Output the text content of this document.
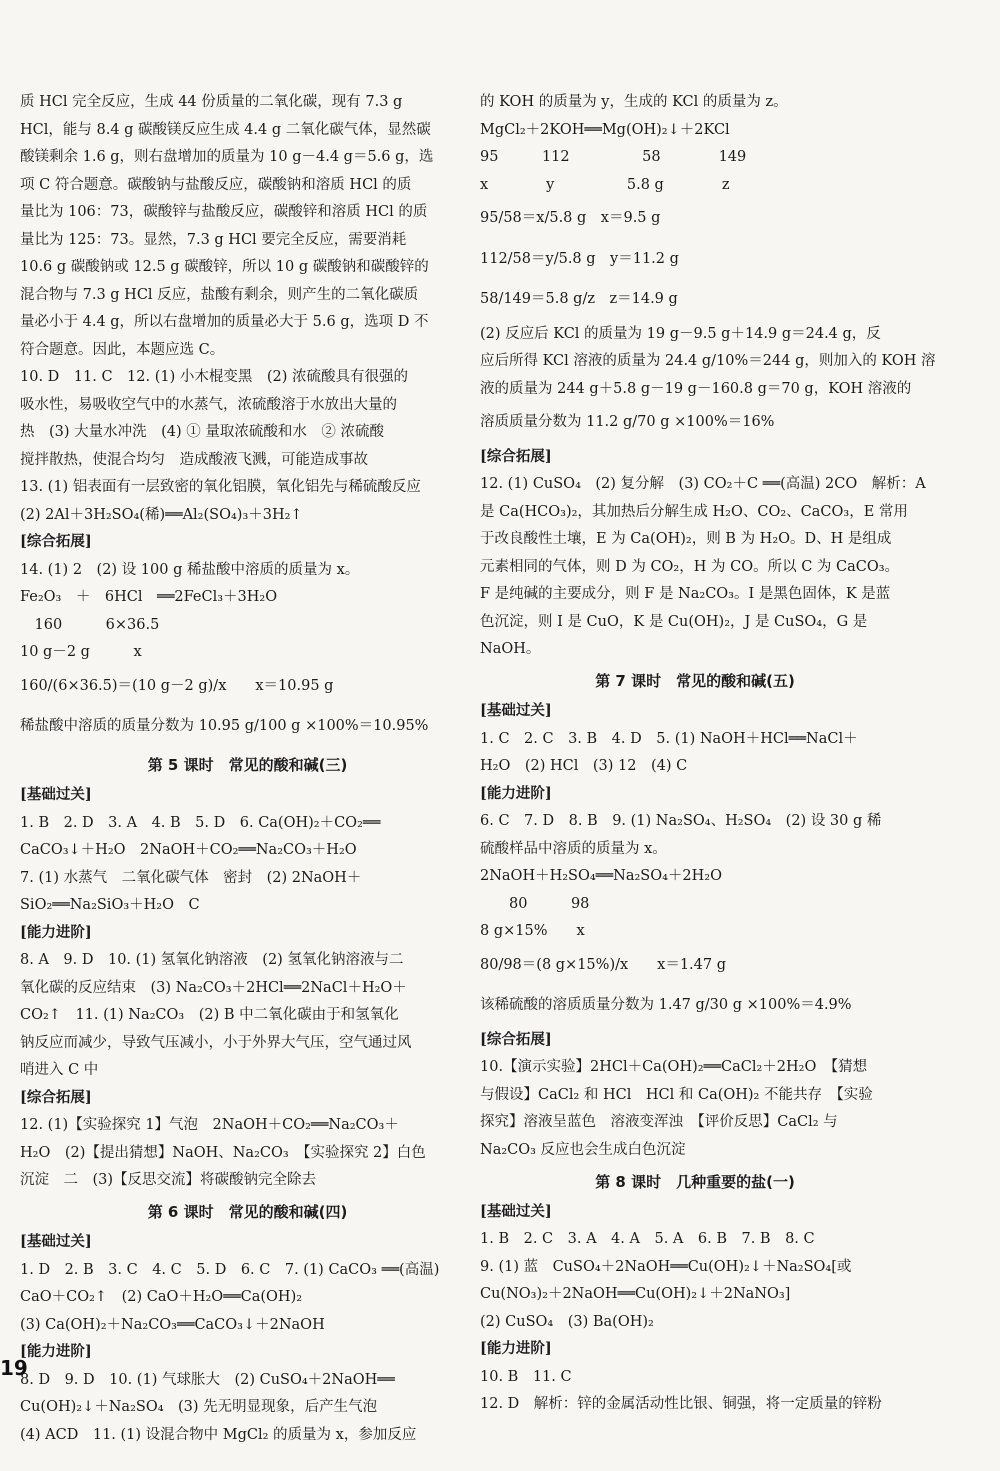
质 HCl 完全反应，生成 44 份质量的二氧化碳，现有 7.3 g
HCl，能与 8.4 g 碳酸镁反应生成 4.4 g 二氧化碳气体，显然碳
酸镁剩余 1.6 g，则右盘增加的质量为 10 g－4.4 g＝5.6 g，选
项 C 符合题意。碳酸钠与盐酸反应，碳酸钠和溶质 HCl 的质
量比为 106：73，碳酸锌与盐酸反应，碳酸锌和溶质 HCl 的质
量比为 125：73。显然，7.3 g HCl 要完全反应，需要消耗
10.6 g 碳酸钠或 12.5 g 碳酸锌，所以 10 g 碳酸钠和碳酸锌的
混合物与 7.3 g HCl 反应，盐酸有剩余，则产生的二氧化碳质
量必小于 4.4 g，所以右盘增加的质量必大于 5.6 g，选项 D 不
符合题意。因此，本题应选 C。
10. D　11. C　12. (1) 小木棍变黑　(2) 浓硫酸具有很强的
吸水性，易吸收空气中的水蒸气，浓硫酸溶于水放出大量的
热　(3) 大量水冲洗　(4) ① 量取浓硫酸和水　② 浓硫酸
搅拌散热，使混合均匀　造成酸液飞溅，可能造成事故
13. (1) 铝表面有一层致密的氧化铝膜，氧化铝先与稀硫酸反应
(2) 2Al＋3H₂SO₄(稀)══Al₂(SO₄)₃＋3H₂↑
[综合拓展]
14. (1) 2　(2) 设 100 g 稀盐酸中溶质的质量为 x。
Fe₂O₃　＋　6HCl　══2FeCl₃＋3H₂O
　160　　　6×36.5
10 g－2 g　　　x
160/(6×36.5)＝(10 g－2 g)/x　　x＝10.95 g
稀盐酸中溶质的质量分数为 10.95 g/100 g ×100%＝10.95%
第 5 课时　常见的酸和碱(三)
[基础过关]
1. B　2. D　3. A　4. B　5. D　6. Ca(OH)₂＋CO₂══
CaCO₃↓＋H₂O　2NaOH＋CO₂══Na₂CO₃＋H₂O
7. (1) 水蒸气　二氧化碳气体　密封　(2) 2NaOH＋
SiO₂══Na₂SiO₃＋H₂O　C
[能力进阶]
8. A　9. D　10. (1) 氢氧化钠溶液　(2) 氢氧化钠溶液与二
氧化碳的反应结束　(3) Na₂CO₃＋2HCl══2NaCl＋H₂O＋
CO₂↑　11. (1) Na₂CO₃　(2) B 中二氧化碳由于和氢氧化
钠反应而减少，导致气压减小，小于外界大气压，空气通过风
哨进入 C 中
[综合拓展]
12. (1)【实验探究 1】气泡　2NaOH＋CO₂══Na₂CO₃＋
H₂O　(2)【提出猜想】NaOH、Na₂CO₃　【实验探究 2】白色
沉淀　二　(3)【反思交流】将碳酸钠完全除去
第 6 课时　常见的酸和碱(四)
[基础过关]
1. D　2. B　3. C　4. C　5. D　6. C　7. (1) CaCO₃ ══(高温)
CaO＋CO₂↑　(2) CaO＋H₂O══Ca(OH)₂
(3) Ca(OH)₂＋Na₂CO₃══CaCO₃↓＋2NaOH
[能力进阶]
8. D　9. D　10. (1) 气球胀大　(2) CuSO₄＋2NaOH══
Cu(OH)₂↓＋Na₂SO₄　(3) 先无明显现象，后产生气泡
(4) ACD　11. (1) 设混合物中 MgCl₂ 的质量为 x，参加反应
的 KOH 的质量为 y，生成的 KCl 的质量为 z。
MgCl₂＋2KOH══Mg(OH)₂↓＋2KCl
95　　　112　　　　　58　　　　149
x　　　　y　　　　　5.8 g　　　　z
95/58＝x/5.8 g　x＝9.5 g
112/58＝y/5.8 g　y＝11.2 g
58/149＝5.8 g/z　z＝14.9 g
(2) 反应后 KCl 的质量为 19 g－9.5 g＋14.9 g＝24.4 g，反
应后所得 KCl 溶液的质量为 24.4 g/10%＝244 g，则加入的 KOH 溶
液的质量为 244 g＋5.8 g－19 g－160.8 g＝70 g，KOH 溶液的
溶质质量分数为 11.2 g/70 g ×100%＝16%
[综合拓展]
12. (1) CuSO₄　(2) 复分解　(3) CO₂＋C ══(高温) 2CO　解析：A
是 Ca(HCO₃)₂，其加热后分解生成 H₂O、CO₂、CaCO₃，E 常用
于改良酸性土壤，E 为 Ca(OH)₂，则 B 为 H₂O。D、H 是组成
元素相同的气体，则 D 为 CO₂，H 为 CO。所以 C 为 CaCO₃。
F 是纯碱的主要成分，则 F 是 Na₂CO₃。I 是黑色固体，K 是蓝
色沉淀，则 I 是 CuO，K 是 Cu(OH)₂，J 是 CuSO₄，G 是
NaOH。
第 7 课时　常见的酸和碱(五)
[基础过关]
1. C　2. C　3. B　4. D　5. (1) NaOH＋HCl══NaCl＋
H₂O　(2) HCl　(3) 12　(4) C
[能力进阶]
6. C　7. D　8. B　9. (1) Na₂SO₄、H₂SO₄　(2) 设 30 g 稀
硫酸样品中溶质的质量为 x。
2NaOH＋H₂SO₄══Na₂SO₄＋2H₂O
　　80　　　98
8 g×15%　　x
80/98＝(8 g×15%)/x　　x＝1.47 g
该稀硫酸的溶质质量分数为 1.47 g/30 g ×100%＝4.9%
[综合拓展]
10.【演示实验】2HCl＋Ca(OH)₂══CaCl₂＋2H₂O　【猜想
与假设】CaCl₂ 和 HCl　HCl 和 Ca(OH)₂ 不能共存　【实验
探究】溶液呈蓝色　溶液变浑浊　【评价反思】CaCl₂ 与
Na₂CO₃ 反应也会生成白色沉淀
第 8 课时　几种重要的盐(一)
[基础过关]
1. B　2. C　3. A　4. A　5. A　6. B　7. B　8. C
9. (1) 蓝　CuSO₄＋2NaOH══Cu(OH)₂↓＋Na₂SO₄[或
Cu(NO₃)₂＋2NaOH══Cu(OH)₂↓＋2NaNO₃]
(2) CuSO₄　(3) Ba(OH)₂
[能力进阶]
10. B　11. C
12. D　解析：锌的金属活动性比银、铜强，将一定质量的锌粉
19
